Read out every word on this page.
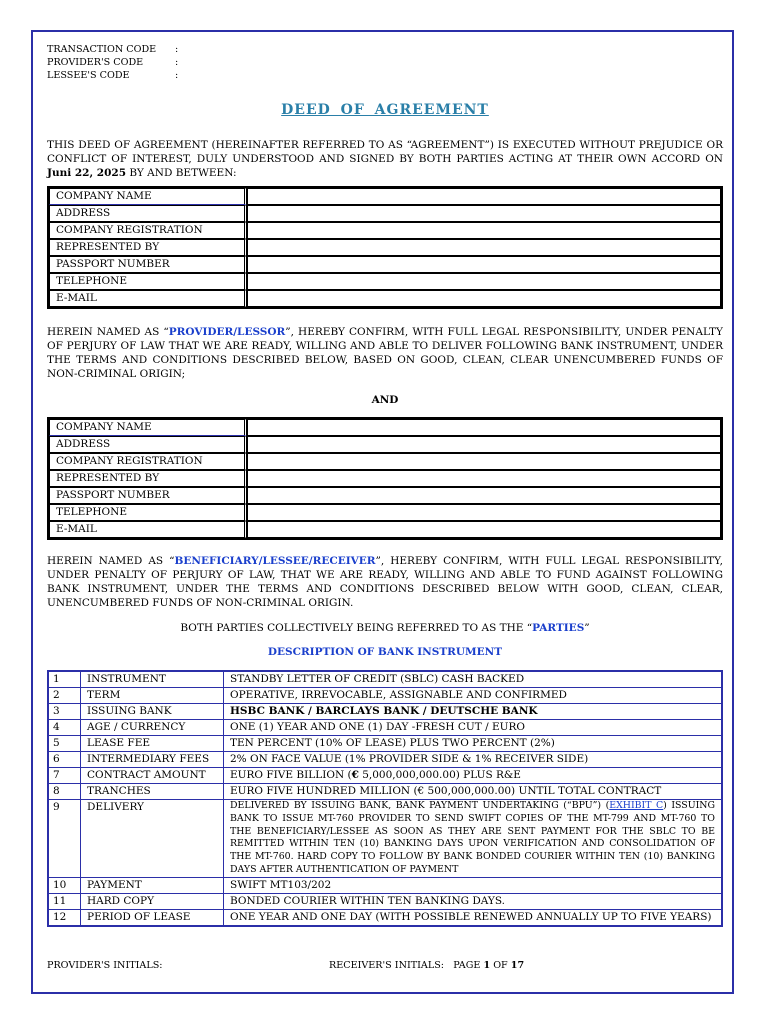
TRANSACTION CODE	:
PROVIDER'S CODE	:
LESSEE'S CODE	:
DEED OF AGREEMENT

THIS DEED OF AGREEMENT (HEREINAFTER REFERRED TO AS “AGREEMENT”) IS EXECUTED WITHOUT PREJUDICE OR CONFLICT OF INTEREST, DULY UNDERSTOOD AND SIGNED BY BOTH PARTIES ACTING AT THEIR OWN ACCORD ON Juni 22, 2025 BY AND BETWEEN:

COMPANY NAME	
ADDRESS	
COMPANY REGISTRATION	
REPRESENTED BY	
PASSPORT NUMBER	
TELEPHONE	
E-MAIL	

HEREIN NAMED AS “PROVIDER/LESSOR”, HEREBY CONFIRM, WITH FULL LEGAL RESPONSIBILITY, UNDER PENALTY OF PERJURY OF LAW THAT WE ARE READY, WILLING AND ABLE TO DELIVER FOLLOWING BANK INSTRUMENT, UNDER THE TERMS AND CONDITIONS DESCRIBED BELOW, BASED ON GOOD, CLEAN, CLEAR UNENCUMBERED FUNDS OF NON-CRIMINAL ORIGIN;

AND
COMPANY NAME	
ADDRESS	
COMPANY REGISTRATION	
REPRESENTED BY	
PASSPORT NUMBER	
TELEPHONE	
E-MAIL	

HEREIN NAMED AS “BENEFICIARY/LESSEE/RECEIVER”, HEREBY CONFIRM, WITH FULL LEGAL RESPONSIBILITY, UNDER PENALTY OF PERJURY OF LAW, THAT WE ARE READY, WILLING AND ABLE TO FUND AGAINST FOLLOWING BANK INSTRUMENT, UNDER THE TERMS AND CONDITIONS DESCRIBED BELOW WITH GOOD, CLEAN, CLEAR, UNENCUMBERED FUNDS OF NON-CRIMINAL ORIGIN.

BOTH PARTIES COLLECTIVELY BEING REFERRED TO AS THE “PARTIES”

DESCRIPTION OF BANK INSTRUMENT
1	INSTRUMENT	STANDBY LETTER OF CREDIT (SBLC) CASH BACKED
2	TERM	OPERATIVE, IRREVOCABLE, ASSIGNABLE AND CONFIRMED
3	ISSUING BANK	HSBC BANK / BARCLAYS BANK / DEUTSCHE BANK
4	AGE / CURRENCY	ONE (1) YEAR AND ONE (1) DAY -FRESH CUT / EURO
5	LEASE FEE	TEN PERCENT (10% OF LEASE) PLUS TWO PERCENT (2%)
6	INTERMEDIARY FEES	2% ON FACE VALUE (1% PROVIDER SIDE & 1% RECEIVER SIDE)
7	CONTRACT AMOUNT	EURO FIVE BILLION (€ 5,000,000,000.00) PLUS R&E
8	TRANCHES	EURO FIVE HUNDRED MILLION (€ 500,000,000.00) UNTIL TOTAL CONTRACT
9	DELIVERY	DELIVERED BY ISSUING BANK, BANK PAYMENT UNDERTAKING (“BPU”) (EXHIBIT C) ISSUING BANK TO ISSUE MT-760 PROVIDER TO SEND SWIFT COPIES OF THE MT-799 AND MT-760 TO THE BENEFICIARY/LESSEE AS SOON AS THEY ARE SENT PAYMENT FOR THE SBLC TO BE REMITTED WITHIN TEN (10) BANKING DAYS UPON VERIFICATION AND CONSOLIDATION OF THE MT-760. HARD COPY TO FOLLOW BY BANK BONDED COURIER WITHIN TEN (10) BANKING DAYS AFTER AUTHENTICATION OF PAYMENT
10	PAYMENT	SWIFT MT103/202
11	HARD COPY	BONDED COURIER WITHIN TEN BANKING DAYS.
12	PERIOD OF LEASE	ONE YEAR AND ONE DAY (WITH POSSIBLE RENEWED ANNUALLY UP TO FIVE YEARS)
PROVIDER'S INITIALS:	RECEIVER'S INITIALS: PAGE 1 OF 17
